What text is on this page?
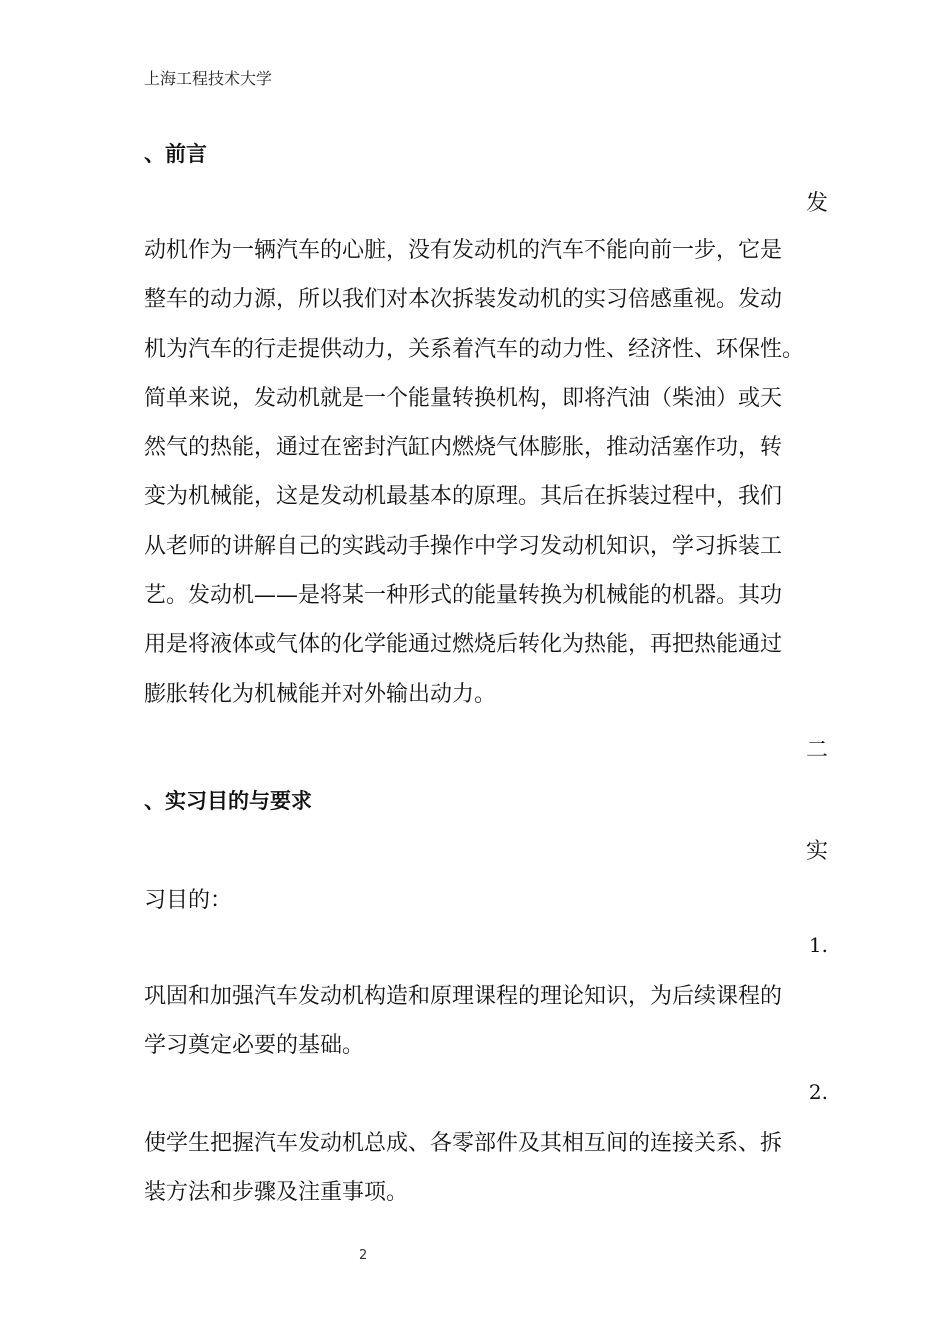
上海工程技术大学
、前言
发
动机作为一辆汽车的心脏，没有发动机的汽车不能向前一步，它是
整车的动力源，所以我们对本次拆装发动机的实习倍感重视。发动
机为汽车的行走提供动力，关系着汽车的动力性、经济性、环保性。
简单来说，发动机就是一个能量转换机构，即将汽油（柴油）或天
然气的热能，通过在密封汽缸内燃烧气体膨胀，推动活塞作功，转
变为机械能，这是发动机最基本的原理。其后在拆装过程中，我们
从老师的讲解自己的实践动手操作中学习发动机知识，学习拆装工
艺。发动机——是将某一种形式的能量转换为机械能的机器。其功
用是将液体或气体的化学能通过燃烧后转化为热能，再把热能通过
膨胀转化为机械能并对外输出动力。
二
、实习目的与要求
实
习目的：
1.
巩固和加强汽车发动机构造和原理课程的理论知识，为后续课程的
学习奠定必要的基础。
2.
使学生把握汽车发动机总成、各零部件及其相互间的连接关系、拆
装方法和步骤及注重事项。
2
